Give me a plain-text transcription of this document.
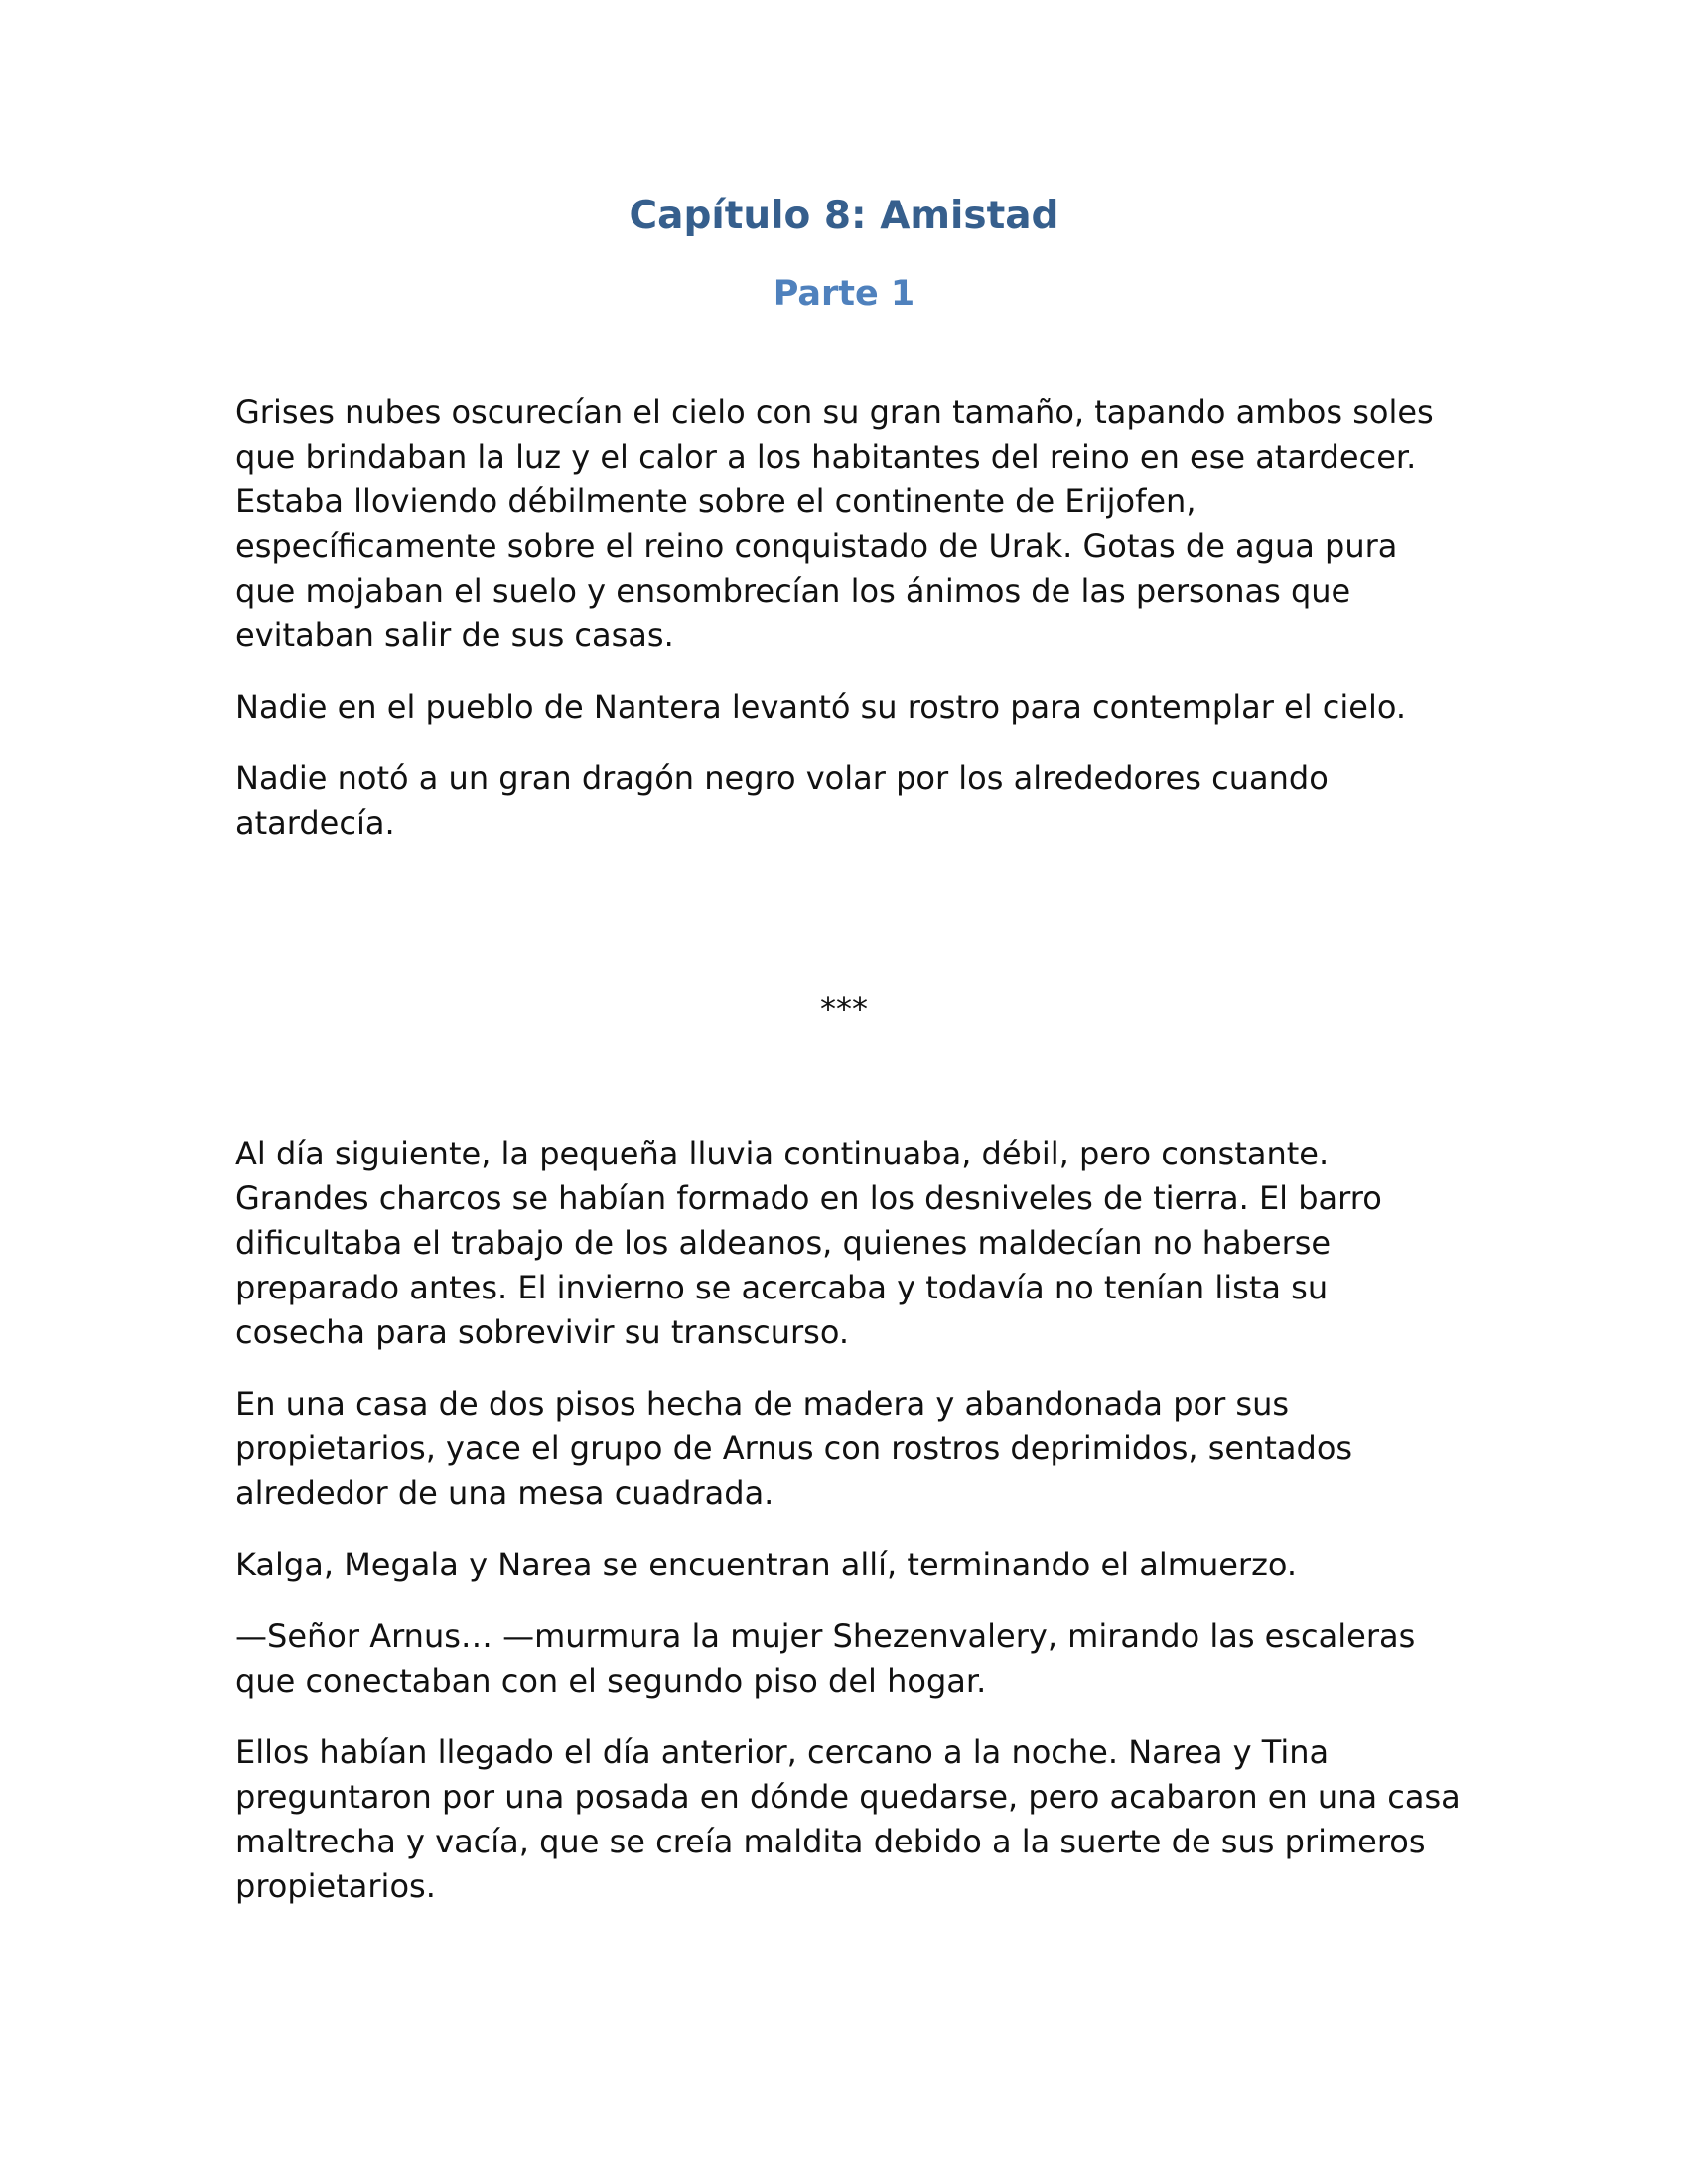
Capítulo 8: Amistad
Parte 1

Grises nubes oscurecían el cielo con su gran tamaño, tapando ambos soles que brindaban la luz y el calor a los habitantes del reino en ese atardecer. Estaba lloviendo débilmente sobre el continente de Erijofen, específicamente sobre el reino conquistado de Urak. Gotas de agua pura que mojaban el suelo y ensombrecían los ánimos de las personas que evitaban salir de sus casas.

Nadie en el pueblo de Nantera levantó su rostro para contemplar el cielo.

Nadie notó a un gran dragón negro volar por los alrededores cuando atardecía.

***

Al día siguiente, la pequeña lluvia continuaba, débil, pero constante. Grandes charcos se habían formado en los desniveles de tierra. El barro dificultaba el trabajo de los aldeanos, quienes maldecían no haberse preparado antes. El invierno se acercaba y todavía no tenían lista su cosecha para sobrevivir su transcurso.

En una casa de dos pisos hecha de madera y abandonada por sus propietarios, yace el grupo de Arnus con rostros deprimidos, sentados alrededor de una mesa cuadrada.

Kalga, Megala y Narea se encuentran allí, terminando el almuerzo.

—Señor Arnus… —murmura la mujer Shezenvalery, mirando las escaleras que conectaban con el segundo piso del hogar.

Ellos habían llegado el día anterior, cercano a la noche. Narea y Tina preguntaron por una posada en dónde quedarse, pero acabaron en una casa maltrecha y vacía, que se creía maldita debido a la suerte de sus primeros propietarios.
